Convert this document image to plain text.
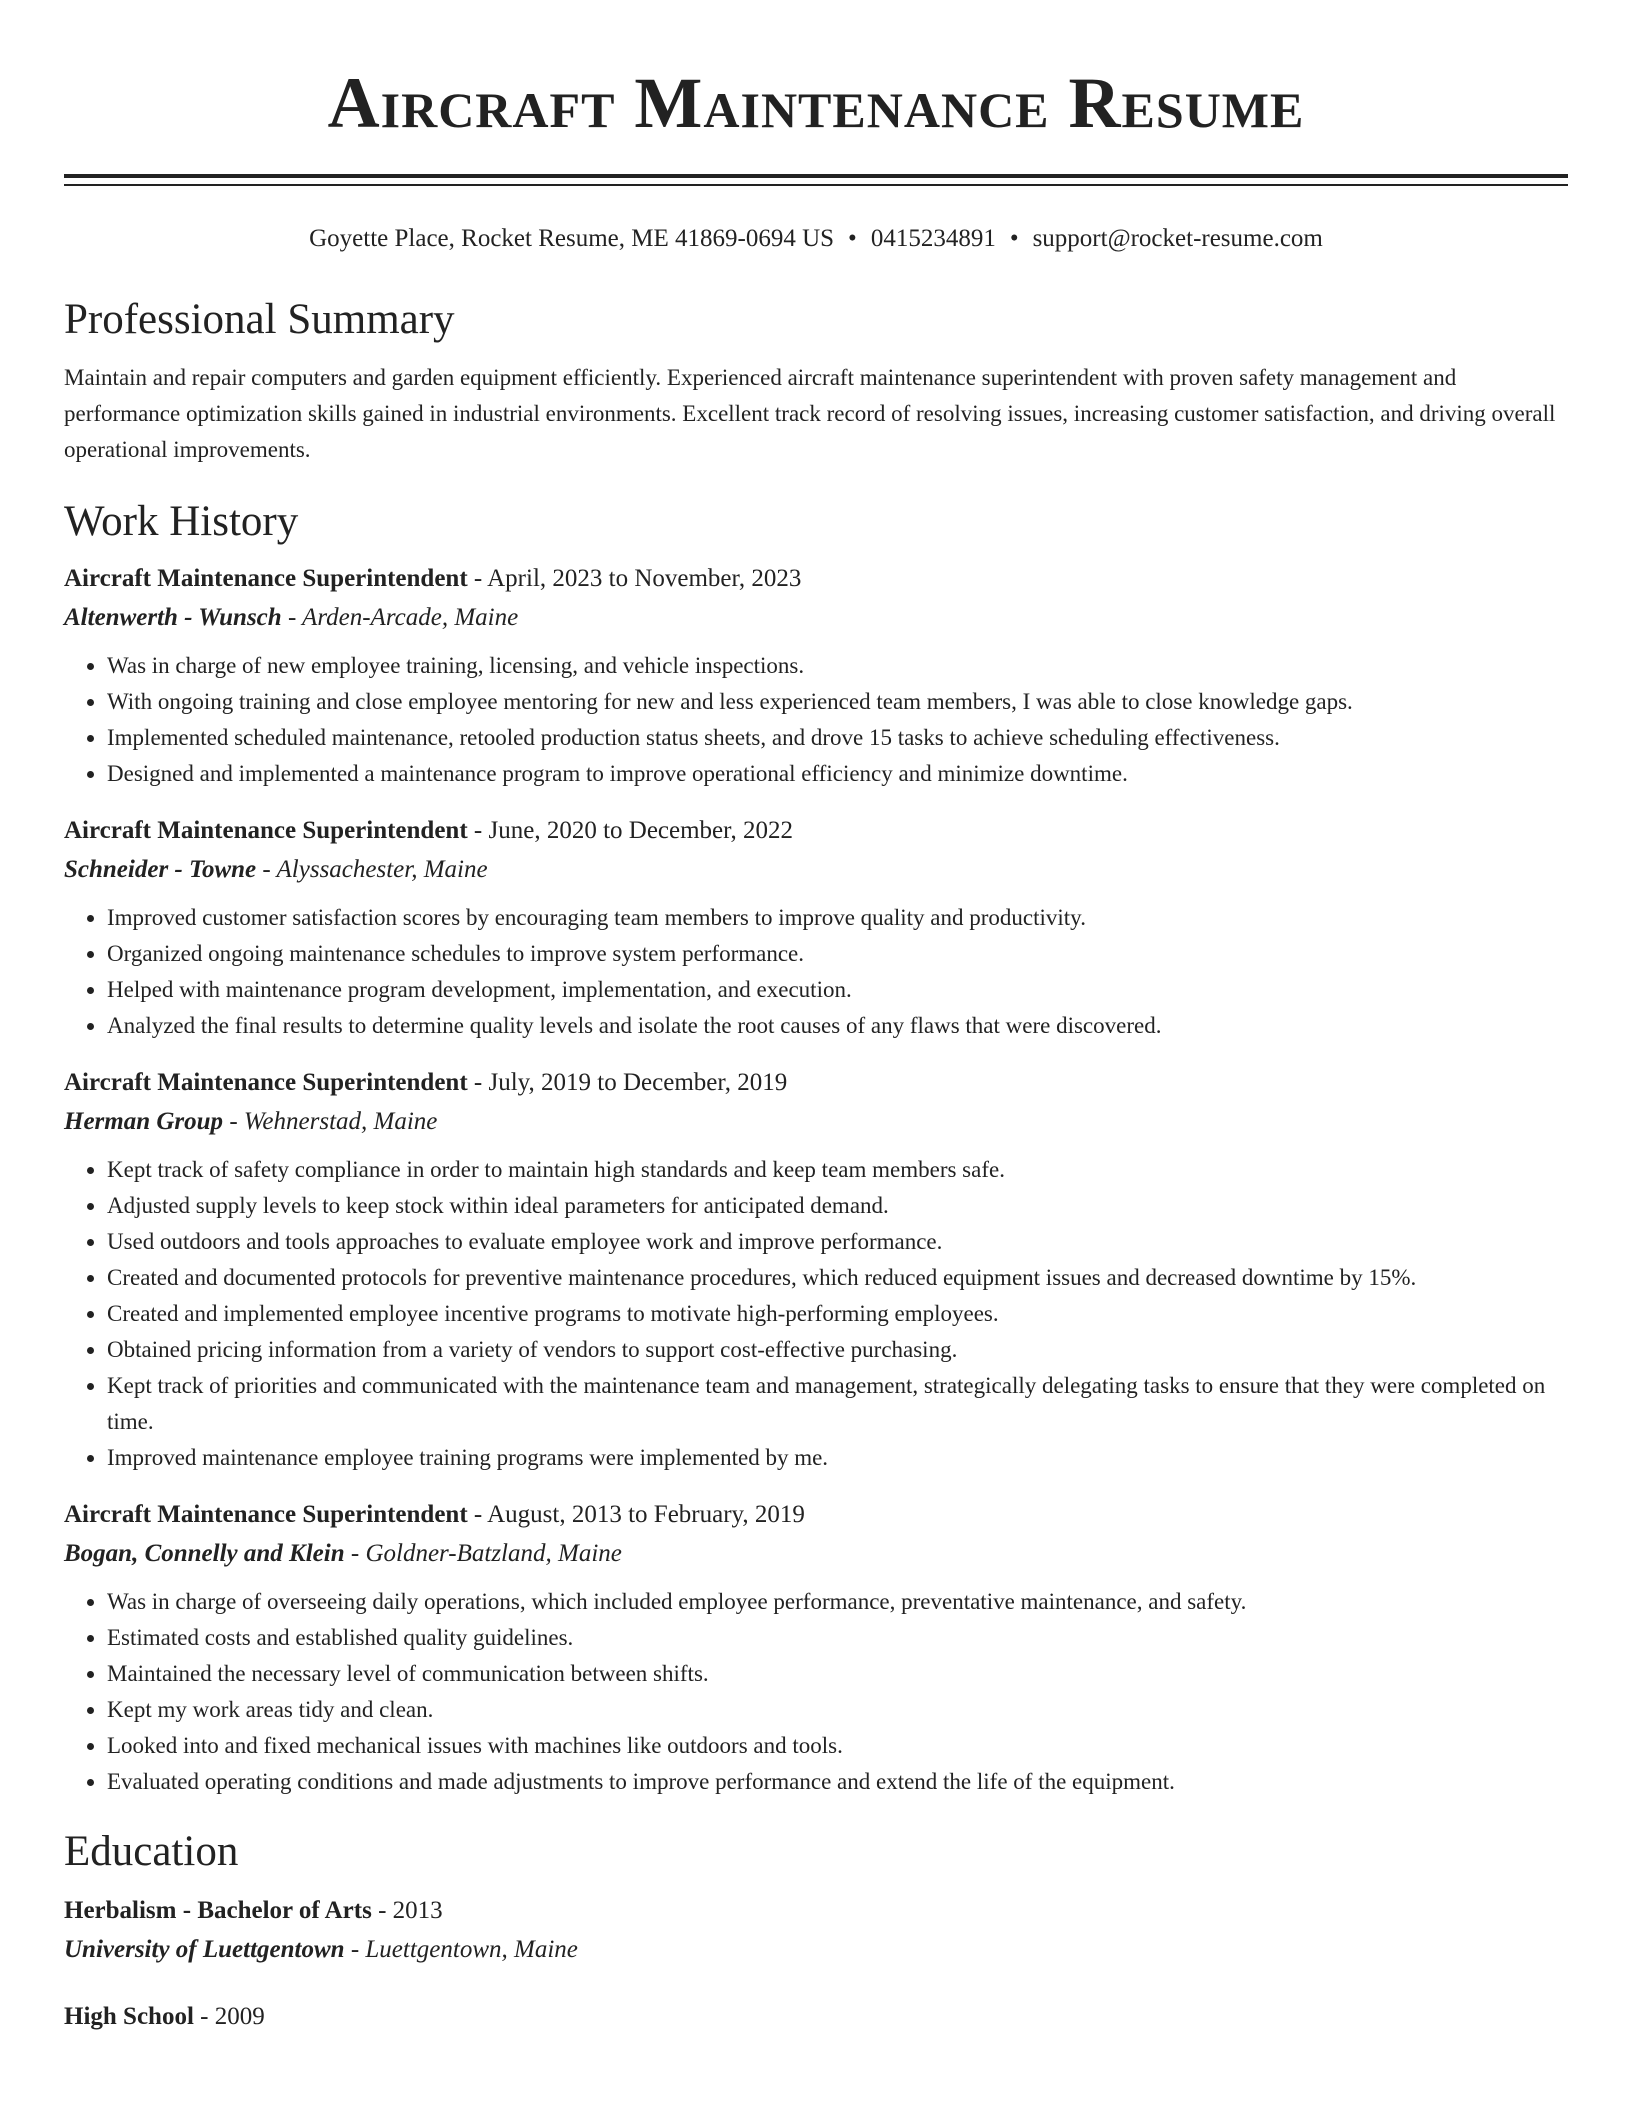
Aircraft Maintenance Resume
Goyette Place, Rocket Resume, ME 41869-0694 US • 0415234891 • support@rocket-resume.com
Professional Summary
Maintain and repair computers and garden equipment efficiently. Experienced aircraft maintenance superintendent with proven safety management and performance optimization skills gained in industrial environments. Excellent track record of resolving issues, increasing customer satisfaction, and driving overall operational improvements.
Work History
Aircraft Maintenance Superintendent - April, 2023 to November, 2023
Altenwerth - Wunsch - Arden-Arcade, Maine
• Was in charge of new employee training, licensing, and vehicle inspections.
• With ongoing training and close employee mentoring for new and less experienced team members, I was able to close knowledge gaps.
• Implemented scheduled maintenance, retooled production status sheets, and drove 15 tasks to achieve scheduling effectiveness.
• Designed and implemented a maintenance program to improve operational efficiency and minimize downtime.
Aircraft Maintenance Superintendent - June, 2020 to December, 2022
Schneider - Towne - Alyssachester, Maine
• Improved customer satisfaction scores by encouraging team members to improve quality and productivity.
• Organized ongoing maintenance schedules to improve system performance.
• Helped with maintenance program development, implementation, and execution.
• Analyzed the final results to determine quality levels and isolate the root causes of any flaws that were discovered.
Aircraft Maintenance Superintendent - July, 2019 to December, 2019
Herman Group - Wehnerstad, Maine
• Kept track of safety compliance in order to maintain high standards and keep team members safe.
• Adjusted supply levels to keep stock within ideal parameters for anticipated demand.
• Used outdoors and tools approaches to evaluate employee work and improve performance.
• Created and documented protocols for preventive maintenance procedures, which reduced equipment issues and decreased downtime by 15%.
• Created and implemented employee incentive programs to motivate high-performing employees.
• Obtained pricing information from a variety of vendors to support cost-effective purchasing.
• Kept track of priorities and communicated with the maintenance team and management, strategically delegating tasks to ensure that they were completed on time.
• Improved maintenance employee training programs were implemented by me.
Aircraft Maintenance Superintendent - August, 2013 to February, 2019
Bogan, Connelly and Klein - Goldner-Batzland, Maine
• Was in charge of overseeing daily operations, which included employee performance, preventative maintenance, and safety.
• Estimated costs and established quality guidelines.
• Maintained the necessary level of communication between shifts.
• Kept my work areas tidy and clean.
• Looked into and fixed mechanical issues with machines like outdoors and tools.
• Evaluated operating conditions and made adjustments to improve performance and extend the life of the equipment.
Education
Herbalism - Bachelor of Arts - 2013
University of Luettgentown - Luettgentown, Maine
High School - 2009
